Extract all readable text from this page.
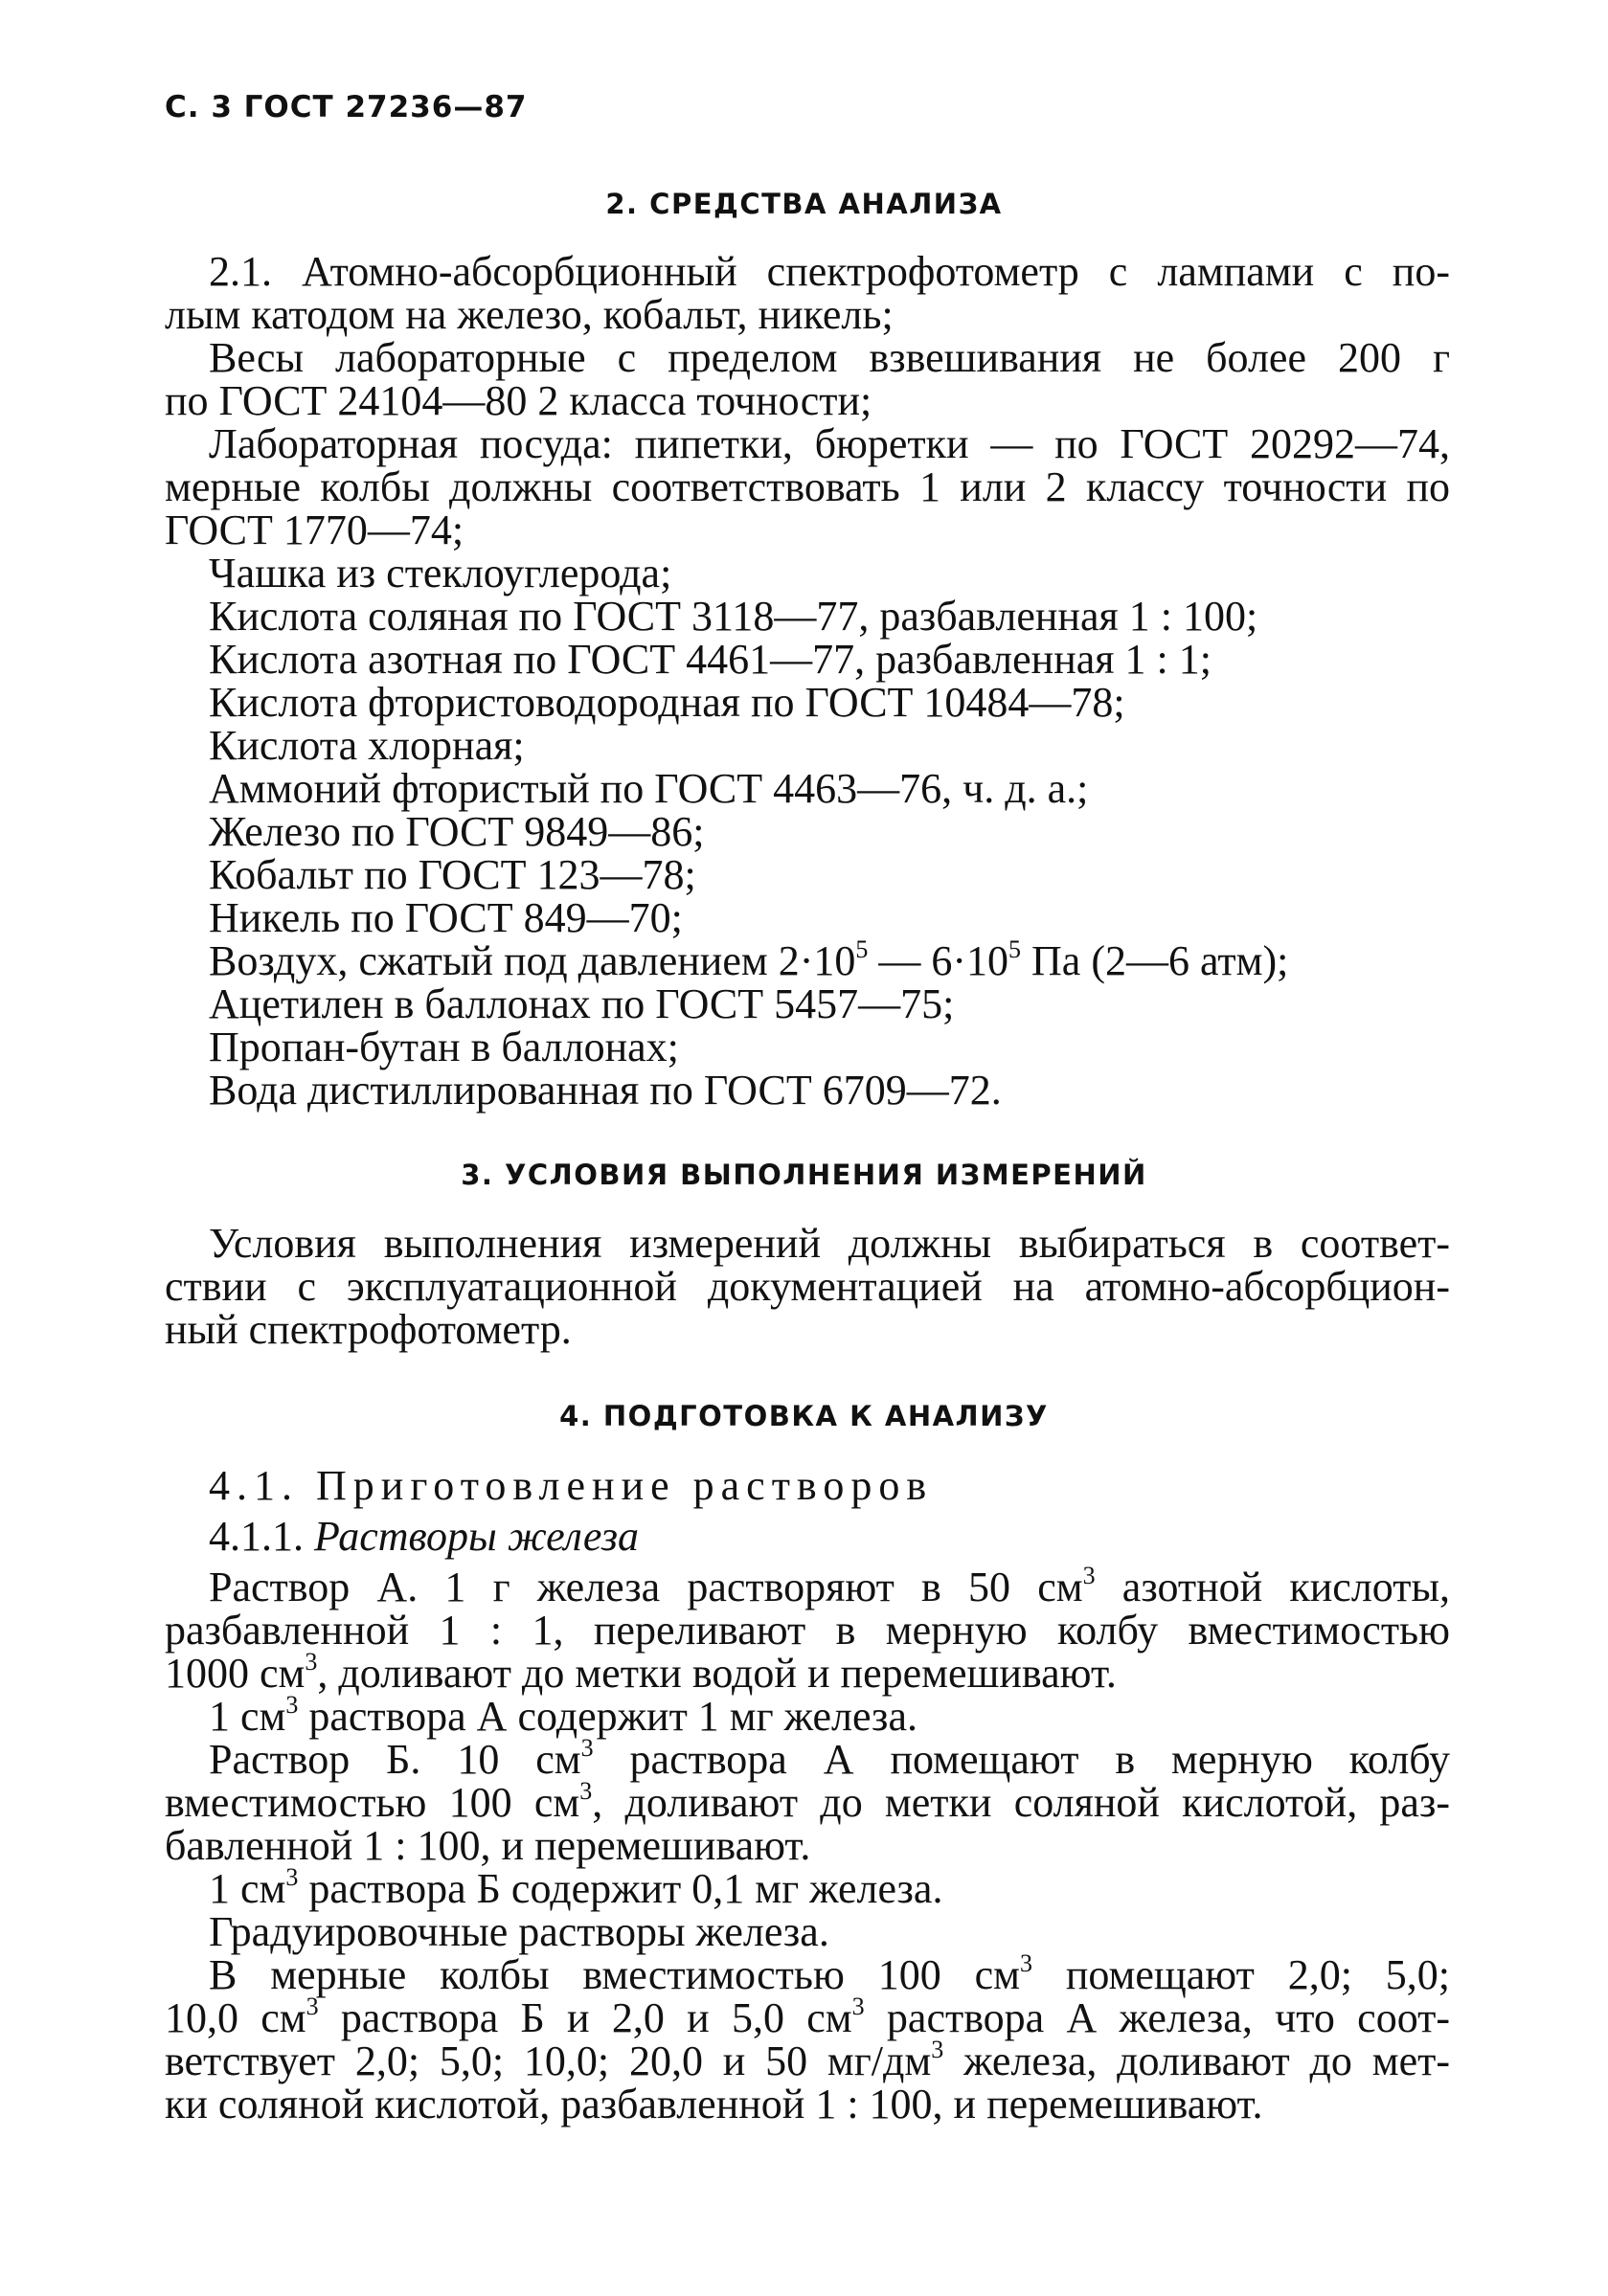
С. 3 ГОСТ 27236—87
2. СРЕДСТВА АНАЛИЗА
2.1. Атомно-абсорбционный спектрофотометр с лампами с по-
лым катодом на железо, кобальт, никель;
Весы лабораторные с пределом взвешивания не более 200 г
по ГОСТ 24104—80 2 класса точности;
Лабораторная посуда: пипетки, бюретки — по ГОСТ 20292—74,
мерные колбы должны соответствовать 1 или 2 классу точности по
ГОСТ 1770—74;
Чашка из стеклоуглерода;
Кислота соляная по ГОСТ 3118—77, разбавленная 1 : 100;
Кислота азотная по ГОСТ 4461—77, разбавленная 1 : 1;
Кислота фтористоводородная по ГОСТ 10484—78;
Кислота хлорная;
Аммоний фтористый по ГОСТ 4463—76, ч. д. а.;
Железо по ГОСТ 9849—86;
Кобальт по ГОСТ 123—78;
Никель по ГОСТ 849—70;
Воздух, сжатый под давлением $2\cdot 10^5$ — $6\cdot 10^5$ Па (2—6 атм);
Ацетилен в баллонах по ГОСТ 5457—75;
Пропан-бутан в баллонах;
Вода дистиллированная по ГОСТ 6709—72.
3. УСЛОВИЯ ВЫПОЛНЕНИЯ ИЗМЕРЕНИЙ
Условия выполнения измерений должны выбираться в соответ-
ствии с эксплуатационной документацией на атомно-абсорбцион-
ный спектрофотометр.
4. ПОДГОТОВКА К АНАЛИЗУ
4.1. Приготовление растворов
4.1.1. Растворы железа
Раствор А. 1 г железа растворяют в 50 $см^3$ азотной кислоты,
разбавленной 1 : 1, переливают в мерную колбу вместимостью
1000 $см^3$, доливают до метки водой и перемешивают.
1 $см^3$ раствора А содержит 1 мг железа.
Раствор Б. 10 $см^3$ раствора А помещают в мерную колбу
вместимостью 100 $см^3$, доливают до метки соляной кислотой, раз-
бавленной 1 : 100, и перемешивают.
1 $см^3$ раствора Б содержит 0,1 мг железа.
Градуировочные растворы железа.
В мерные колбы вместимостью 100 $см^3$ помещают 2,0; 5,0;
10,0 $см^3$ раствора Б и 2,0 и 5,0 $см^3$ раствора А железа, что соот-
ветствует 2,0; 5,0; 10,0; 20,0 и 50 $мг/дм^3$ железа, доливают до мет-
ки соляной кислотой, разбавленной 1 : 100, и перемешивают.
